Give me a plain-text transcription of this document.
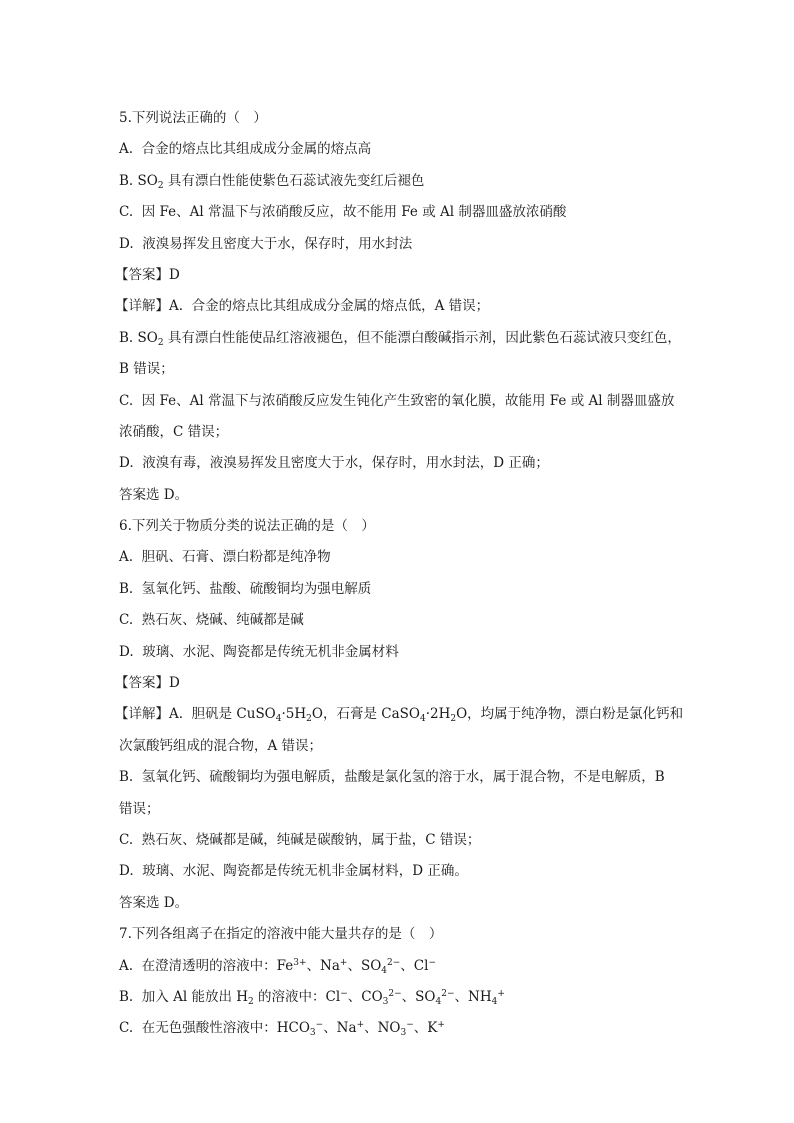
5.下列说法正确的（　）
A.  合金的熔点比其组成成分金属的熔点高
B. $SO_2$ 具有漂白性能使紫色石蕊试液先变红后褪色
C.  因 Fe、Al 常温下与浓硝酸反应，故不能用 Fe 或 Al 制器皿盛放浓硝酸
D.  液溴易挥发且密度大于水，保存时，用水封法
【答案】D
【详解】A.  合金的熔点比其组成成分金属的熔点低，A 错误；
B. $SO_2$ 具有漂白性能使品红溶液褪色，但不能漂白酸碱指示剂，因此紫色石蕊试液只变红色，
B 错误；
C.  因 Fe、Al 常温下与浓硝酸反应发生钝化产生致密的氧化膜，故能用 Fe 或 Al 制器皿盛放
浓硝酸，C 错误；
D.  液溴有毒，液溴易挥发且密度大于水，保存时，用水封法，D 正确；
答案选 D。
6.下列关于物质分类的说法正确的是（　）
A.  胆矾、石膏、漂白粉都是纯净物
B.  氢氧化钙、盐酸、硫酸铜均为强电解质
C.  熟石灰、烧碱、纯碱都是碱
D.  玻璃、水泥、陶瓷都是传统无机非金属材料
【答案】D
【详解】A.  胆矾是 $CuSO_4\cdot 5H_2O$，石膏是 $CaSO_4\cdot 2H_2O$，均属于纯净物，漂白粉是氯化钙和
次氯酸钙组成的混合物，A 错误；
B.  氢氧化钙、硫酸铜均为强电解质，盐酸是氯化氢的溶于水，属于混合物，不是电解质，B
错误；
C.  熟石灰、烧碱都是碱，纯碱是碳酸钠，属于盐，C 错误；
D.  玻璃、水泥、陶瓷都是传统无机非金属材料，D 正确。
答案选 D。
7.下列各组离子在指定的溶液中能大量共存的是（　）
A.  在澄清透明的溶液中：$Fe^{3+}$、Na+、$SO_4^{2-}$、Cl−
B.  加入 Al 能放出 $H_2$ 的溶液中：Cl−、$CO_3^{2-}$、$SO_4^{2-}$、$NH_4^+$
C.  在无色强酸性溶液中：$HCO_3^-$、Na+、$NO_3^-$、K+
